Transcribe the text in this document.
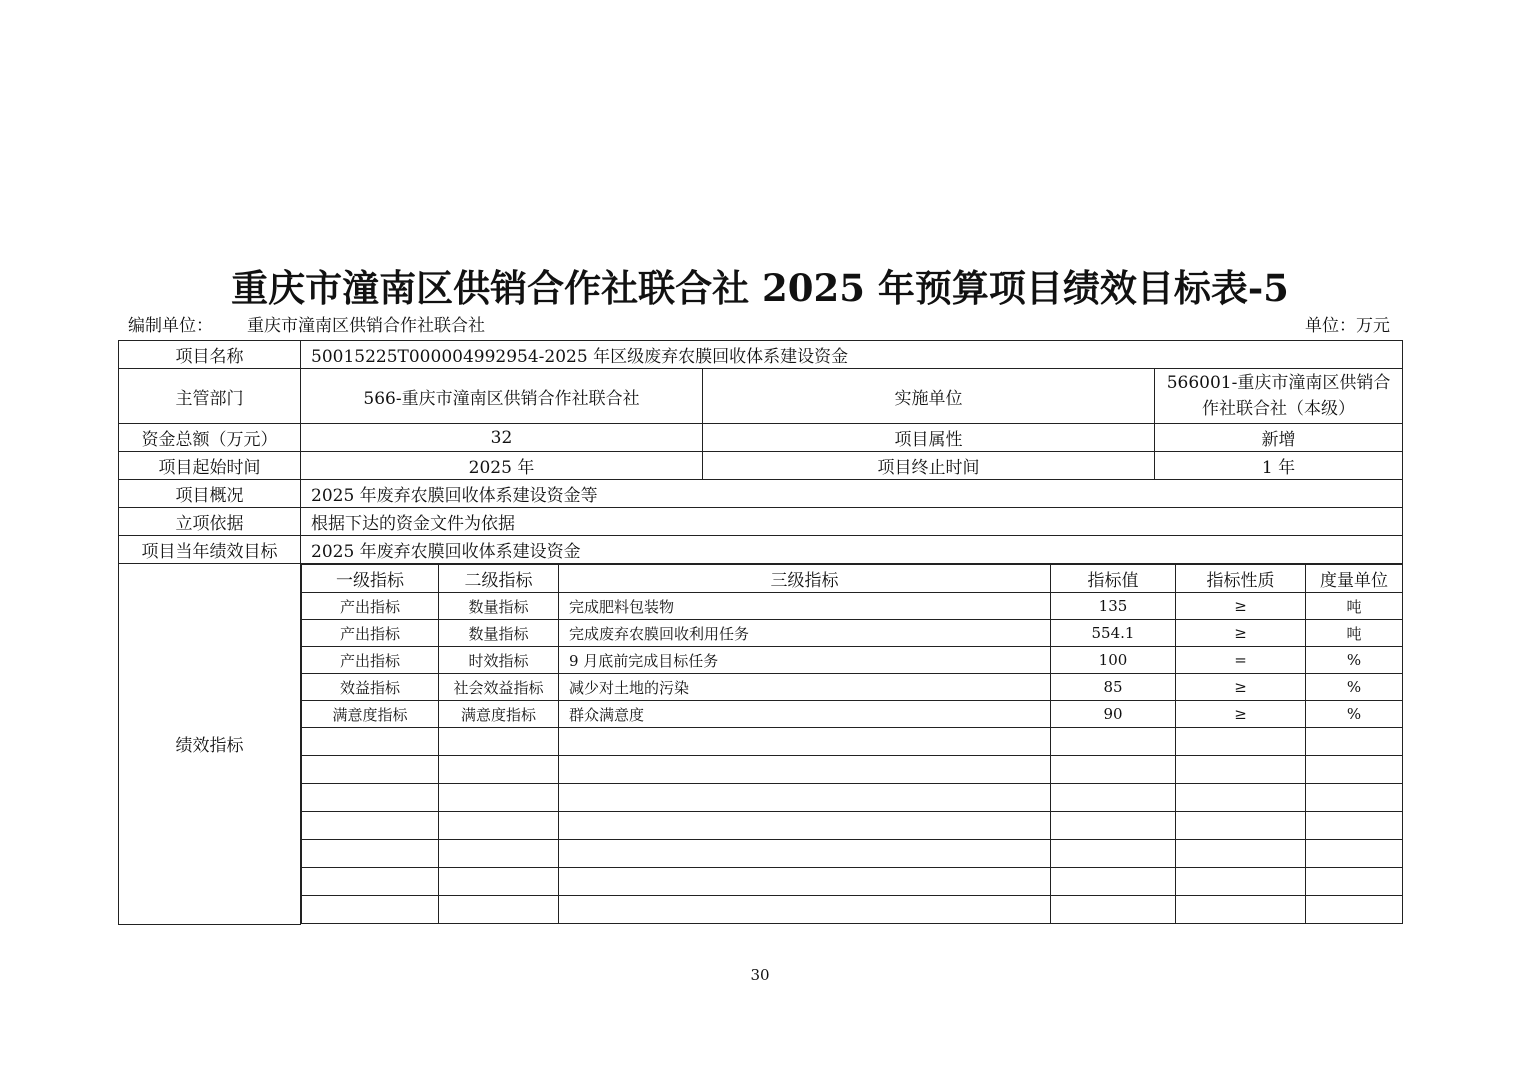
重庆市潼南区供销合作社联合社 2025 年预算项目绩效目标表-5
编制单位： 重庆市潼南区供销合作社联合社	单位：万元
项目名称	50015225T000004992954-2025 年区级废弃农膜回收体系建设资金
主管部门	566-重庆市潼南区供销合作社联合社	实施单位	566001-重庆市潼南区供销合作社联合社（本级）
资金总额（万元）	32	项目属性	新增
项目起始时间	2025 年	项目终止时间	1 年
项目概况	2025 年废弃农膜回收体系建设资金等
立项依据	根据下达的资金文件为依据
项目当年绩效目标	2025 年废弃农膜回收体系建设资金
绩效指标	
一级指标	二级指标	三级指标	指标值	指标性质	度量单位
产出指标	数量指标	完成肥料包装物	135	≥	吨
产出指标	数量指标	完成废弃农膜回收利用任务	554.1	≥	吨
产出指标	时效指标	9 月底前完成目标任务	100	=	%
效益指标	社会效益指标	减少对土地的污染	85	≥	%
满意度指标	满意度指标	群众满意度	90	≥	%

30
